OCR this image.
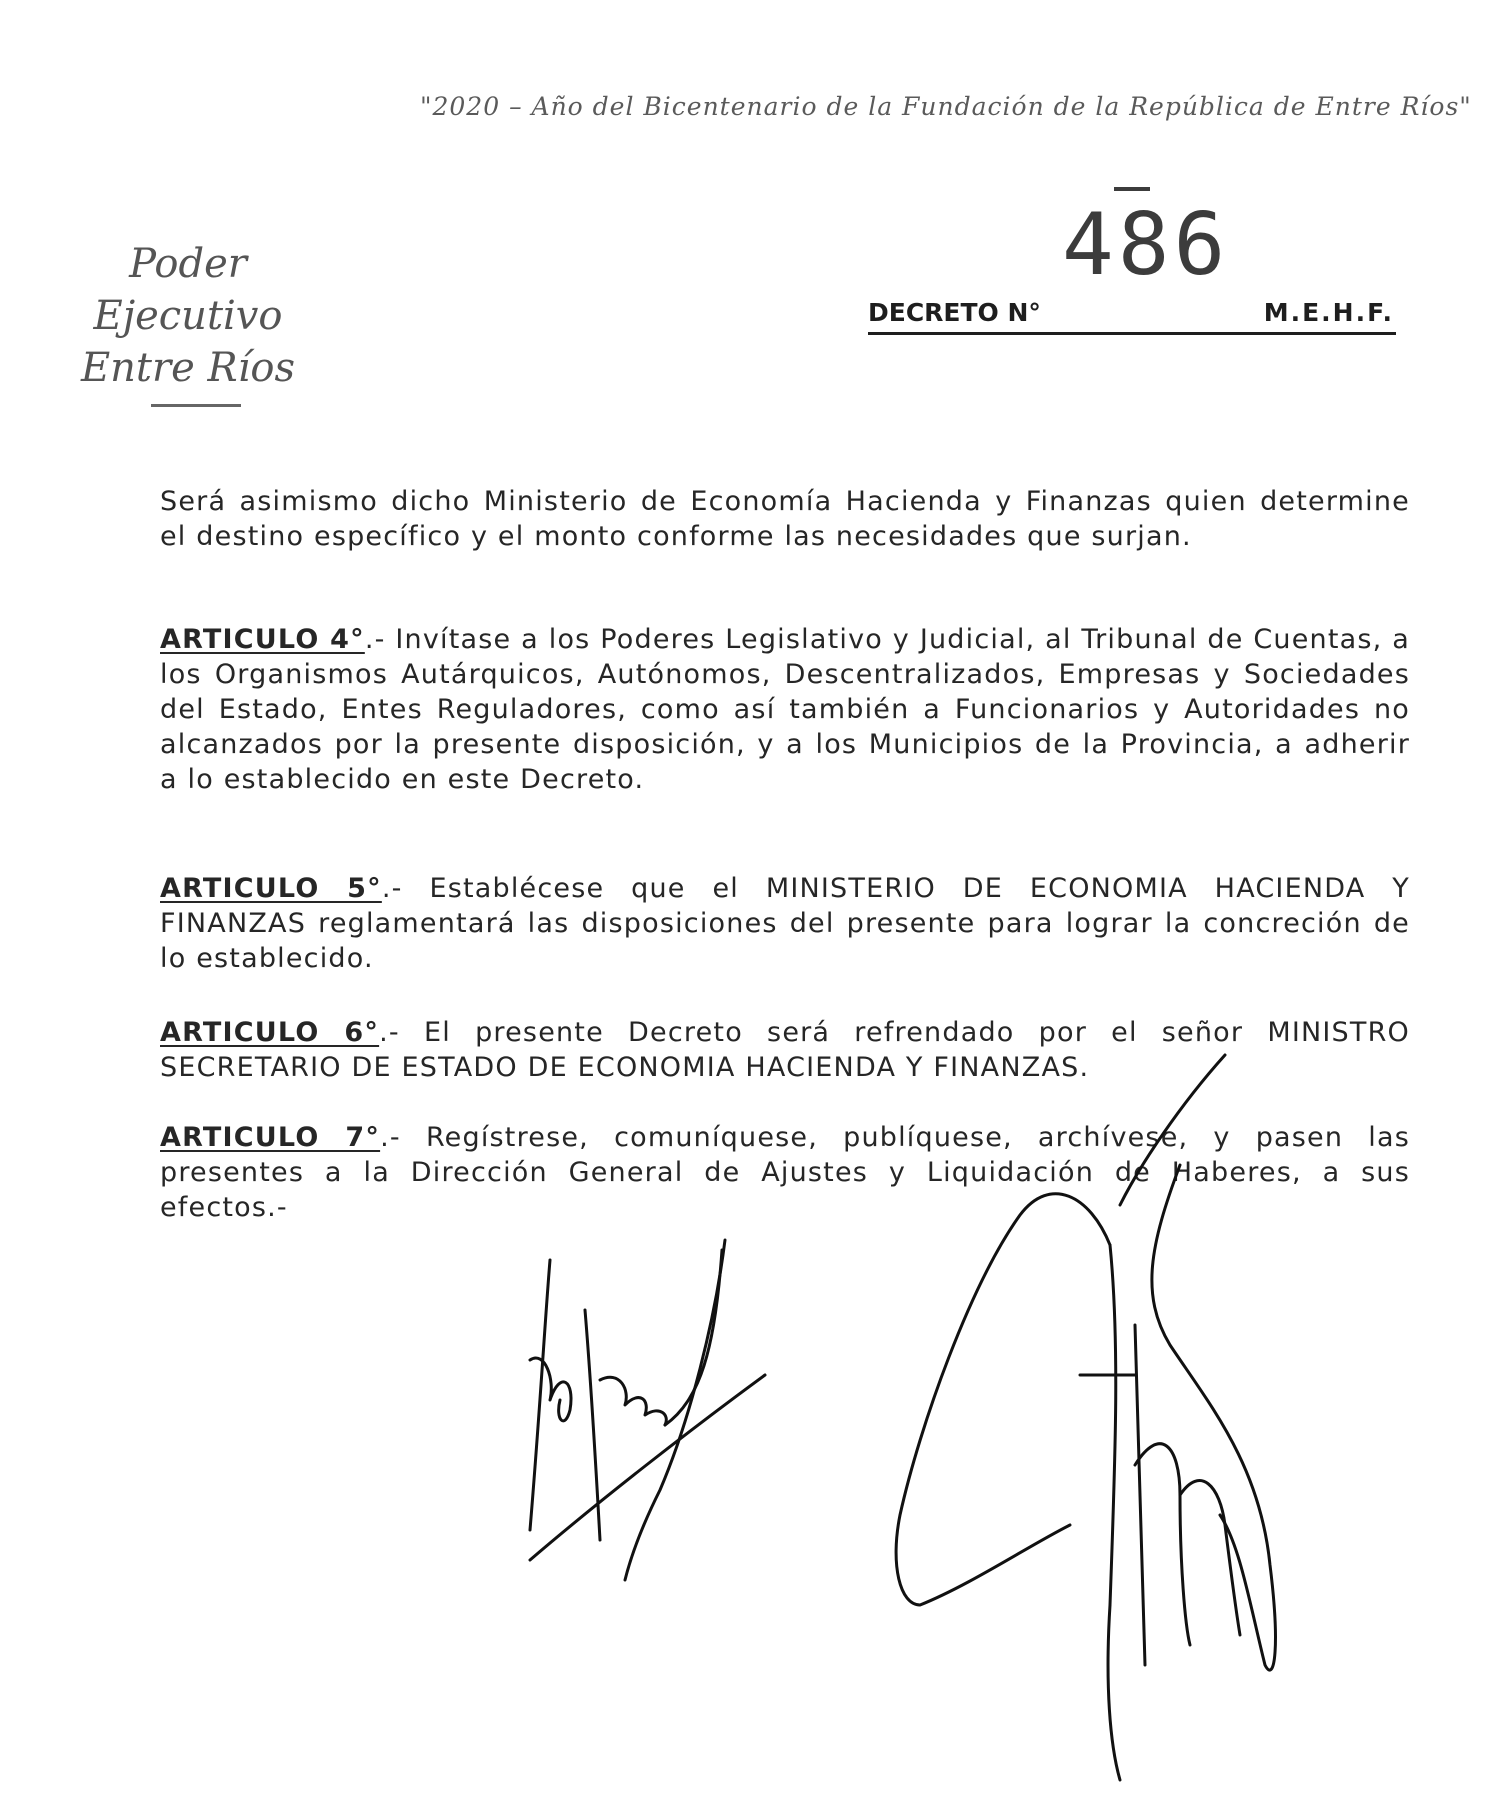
"2020 – Año del Bicentenario de la Fundación de la República de Entre Ríos"
Poder Ejecutivo
Entre Ríos
486
DECRETO N°	M.E.H.F.
Será asimismo dicho Ministerio de Economía Hacienda y Finanzas quien determine el destino específico y el monto conforme las necesidades que surjan.
ARTICULO 4°.- Invítase a los Poderes Legislativo y Judicial, al Tribunal de Cuentas, a los Organismos Autárquicos, Autónomos, Descentralizados, Empresas y Sociedades del Estado, Entes Reguladores, como así también a Funcionarios y Autoridades no alcanzados por la presente disposición, y a los Municipios de la Provincia, a adherir a lo establecido en este Decreto.
ARTICULO 5°.- Establécese que el MINISTERIO DE ECONOMIA HACIENDA Y FINANZAS reglamentará las disposiciones del presente para lograr la concreción de lo establecido.
ARTICULO 6°.- El presente Decreto será refrendado por el señor MINISTRO SECRETARIO DE ESTADO DE ECONOMIA HACIENDA Y FINANZAS.
ARTICULO 7°.- Regístrese, comuníquese, publíquese, archívese, y pasen las presentes a la Dirección General de Ajustes y Liquidación de Haberes, a sus efectos.-
